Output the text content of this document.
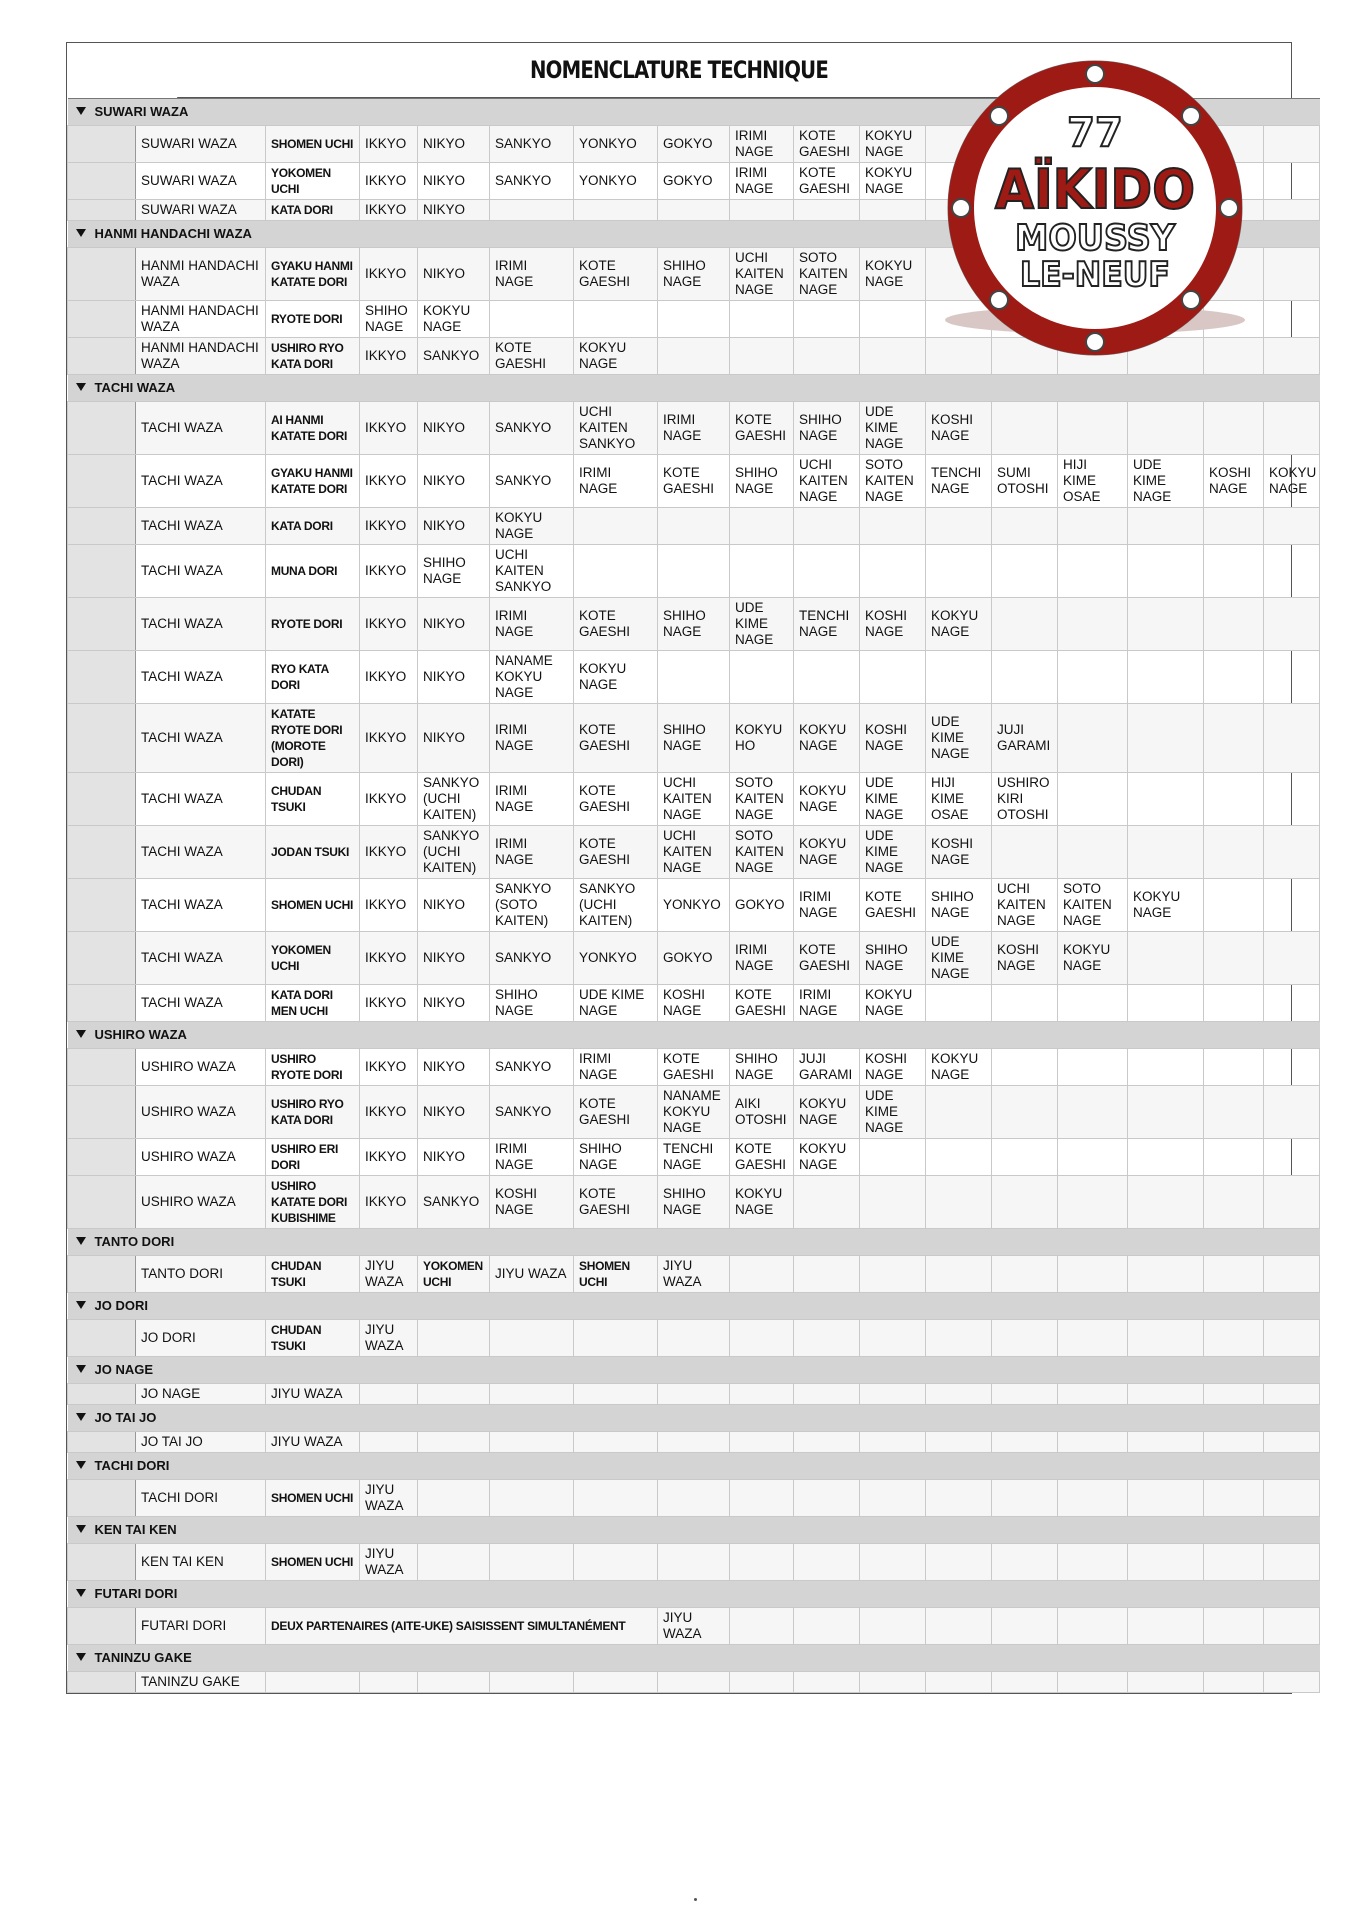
NOMENCLATURE TECHNIQUE
SUWARI WAZA																
	SUWARI WAZA	SHOMEN UCHI	IKKYO	NIKYO	SANKYO	YONKYO	GOKYO	IRIMI NAGE	KOTE GAESHI	KOKYU NAGE						
	SUWARI WAZA	YOKOMEN UCHI	IKKYO	NIKYO	SANKYO	YONKYO	GOKYO	IRIMI NAGE	KOTE GAESHI	KOKYU NAGE						
	SUWARI WAZA	KATA DORI	IKKYO	NIKYO												
HANMI HANDACHI WAZA																
	HANMI HANDACHI WAZA	GYAKU HANMI KATATE DORI	IKKYO	NIKYO	IRIMI NAGE	KOTE GAESHI	SHIHO NAGE	UCHI KAITEN NAGE	SOTO KAITEN NAGE	KOKYU NAGE						
	HANMI HANDACHI WAZA	RYOTE DORI	SHIHO NAGE	KOKYU NAGE												
	HANMI HANDACHI WAZA	USHIRO RYO KATA DORI	IKKYO	SANKYO	KOTE GAESHI	KOKYU NAGE										
TACHI WAZA																
	TACHI WAZA	AI HANMI KATATE DORI	IKKYO	NIKYO	SANKYO	UCHI KAITEN SANKYO	IRIMI NAGE	KOTE GAESHI	SHIHO NAGE	UDE KIME NAGE	KOSHI NAGE					
	TACHI WAZA	GYAKU HANMI KATATE DORI	IKKYO	NIKYO	SANKYO	IRIMI NAGE	KOTE GAESHI	SHIHO NAGE	UCHI KAITEN NAGE	SOTO KAITEN NAGE	TENCHI NAGE	SUMI OTOSHI	HIJI KIME OSAE	UDE KIME NAGE	KOSHI NAGE	KOKYU NAGE
	TACHI WAZA	KATA DORI	IKKYO	NIKYO	KOKYU NAGE											
	TACHI WAZA	MUNA DORI	IKKYO	SHIHO NAGE	UCHI KAITEN SANKYO											
	TACHI WAZA	RYOTE DORI	IKKYO	NIKYO	IRIMI NAGE	KOTE GAESHI	SHIHO NAGE	UDE KIME NAGE	TENCHI NAGE	KOSHI NAGE	KOKYU NAGE					
	TACHI WAZA	RYO KATA DORI	IKKYO	NIKYO	NANAME KOKYU NAGE	KOKYU NAGE										
	TACHI WAZA	KATATE RYOTE DORI (MOROTE DORI)	IKKYO	NIKYO	IRIMI NAGE	KOTE GAESHI	SHIHO NAGE	KOKYU HO	KOKYU NAGE	KOSHI NAGE	UDE KIME NAGE	JUJI GARAMI				
	TACHI WAZA	CHUDAN TSUKI	IKKYO	SANKYO (UCHI KAITEN)	IRIMI NAGE	KOTE GAESHI	UCHI KAITEN NAGE	SOTO KAITEN NAGE	KOKYU NAGE	UDE KIME NAGE	HIJI KIME OSAE	USHIRO KIRI OTOSHI				
	TACHI WAZA	JODAN TSUKI	IKKYO	SANKYO (UCHI KAITEN)	IRIMI NAGE	KOTE GAESHI	UCHI KAITEN NAGE	SOTO KAITEN NAGE	KOKYU NAGE	UDE KIME NAGE	KOSHI NAGE					
	TACHI WAZA	SHOMEN UCHI	IKKYO	NIKYO	SANKYO (SOTO KAITEN)	SANKYO (UCHI KAITEN)	YONKYO	GOKYO	IRIMI NAGE	KOTE GAESHI	SHIHO NAGE	UCHI KAITEN NAGE	SOTO KAITEN NAGE	KOKYU NAGE		
	TACHI WAZA	YOKOMEN UCHI	IKKYO	NIKYO	SANKYO	YONKYO	GOKYO	IRIMI NAGE	KOTE GAESHI	SHIHO NAGE	UDE KIME NAGE	KOSHI NAGE	KOKYU NAGE			
	TACHI WAZA	KATA DORI MEN UCHI	IKKYO	NIKYO	SHIHO NAGE	UDE KIME NAGE	KOSHI NAGE	KOTE GAESHI	IRIMI NAGE	KOKYU NAGE						
USHIRO WAZA																
	USHIRO WAZA	USHIRO RYOTE DORI	IKKYO	NIKYO	SANKYO	IRIMI NAGE	KOTE GAESHI	SHIHO NAGE	JUJI GARAMI	KOSHI NAGE	KOKYU NAGE					
	USHIRO WAZA	USHIRO RYO KATA DORI	IKKYO	NIKYO	SANKYO	KOTE GAESHI	NANAME KOKYU NAGE	AIKI OTOSHI	KOKYU NAGE	UDE KIME NAGE						
	USHIRO WAZA	USHIRO ERI DORI	IKKYO	NIKYO	IRIMI NAGE	SHIHO NAGE	TENCHI NAGE	KOTE GAESHI	KOKYU NAGE							
	USHIRO WAZA	USHIRO KATATE DORI KUBISHIME	IKKYO	SANKYO	KOSHI NAGE	KOTE GAESHI	SHIHO NAGE	KOKYU NAGE								
TANTO DORI																
	TANTO DORI	CHUDAN TSUKI	JIYU WAZA	YOKOMEN UCHI	JIYU WAZA	SHOMEN UCHI	JIYU WAZA									
JO DORI																
	JO DORI	CHUDAN TSUKI	JIYU WAZA													
JO NAGE																
	JO NAGE	JIYU WAZA														
JO TAI JO																
	JO TAI JO	JIYU WAZA														
TACHI DORI																
	TACHI DORI	SHOMEN UCHI	JIYU WAZA													
KEN TAI KEN																
	KEN TAI KEN	SHOMEN UCHI	JIYU WAZA													
FUTARI DORI																
	FUTARI DORI	DEUX PARTENAIRES (AITE-UKE) SAISISSENT SIMULTANÉMENT					JIYU WAZA									
TANINZU GAKE																
	TANINZU GAKE															
77
AÏKIDO
MOUSSY
LE-NEUF
